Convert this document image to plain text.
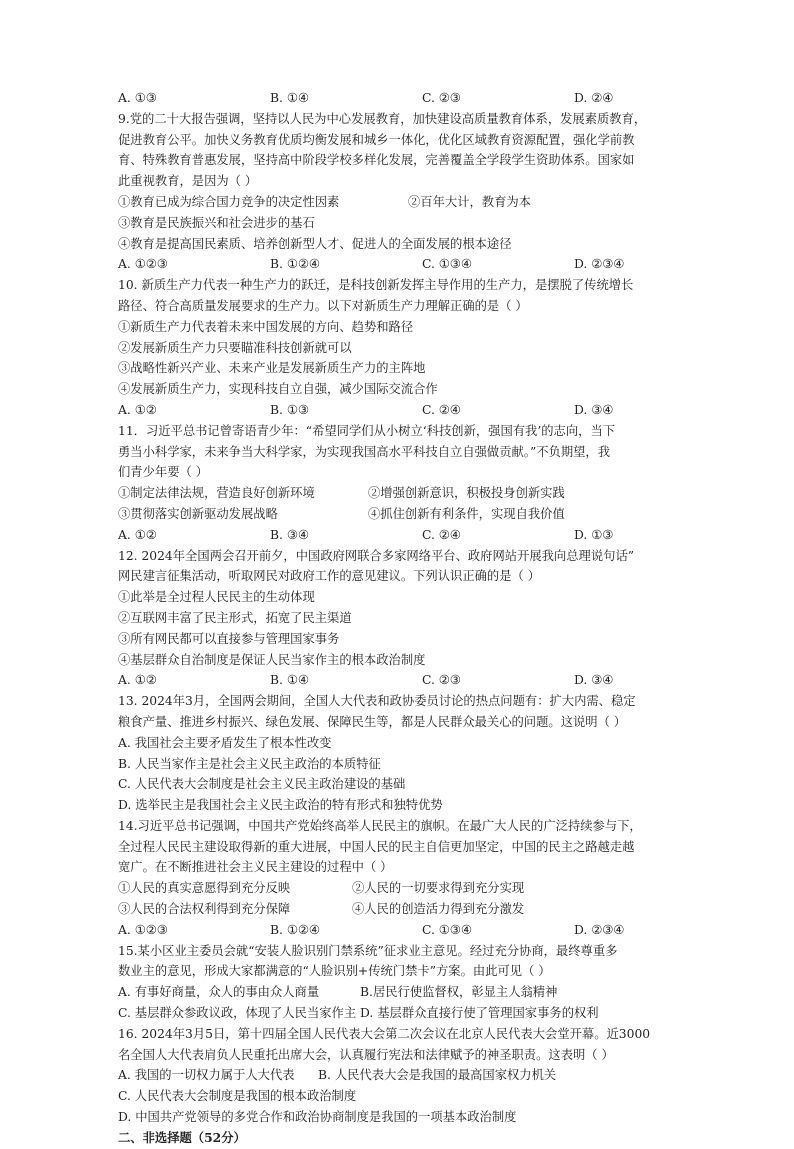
A. ①③	B. ①④	C. ②③	D. ②④
9.党的二十大报告强调，坚持以人民为中心发展教育，加快建设高质量教育体系，发展素质教育，
促进教育公平。加快义务教育优质均衡发展和城乡一体化，优化区域教育资源配置，强化学前教
育、特殊教育普惠发展，坚持高中阶段学校多样化发展，完善覆盖全学段学生资助体系。国家如
此重视教育，是因为（ ）
①教育已成为综合国力竞争的决定性因素	②百年大计，教育为本
③教育是民族振兴和社会进步的基石
④教育是提高国民素质、培养创新型人才、促进人的全面发展的根本途径
A. ①②③	B. ①②④	C. ①③④	D. ②③④
10. 新质生产力代表一种生产力的跃迁，是科技创新发挥主导作用的生产力，是摆脱了传统增长
路径、符合高质量发展要求的生产力。以下对新质生产力理解正确的是（ ）
①新质生产力代表着未来中国发展的方向、趋势和路径
②发展新质生产力只要瞄准科技创新就可以
③战略性新兴产业、未来产业是发展新质生产力的主阵地
④发展新质生产力，实现科技自立自强，减少国际交流合作
A. ①②	B. ①③	C. ②④	D. ③④
11．习近平总书记曾寄语青少年：“希望同学们从小树立‘科技创新，强国有我’的志向，当下
勇当小科学家，未来争当大科学家，为实现我国高水平科技自立自强做贡献。”不负期望，我
们青少年要（ ）
①制定法律法规，营造良好创新环境	②增强创新意识，积极投身创新实践
③贯彻落实创新驱动发展战略	④抓住创新有利条件，实现自我价值
A. ①②	B. ③④	C. ②④	D. ①③
12. 2024年全国两会召开前夕，中国政府网联合多家网络平台、政府网站开展我向总理说句话”
网民建言征集活动，听取网民对政府工作的意见建议。下列认识正确的是（ ）
①此举是全过程人民民主的生动体现
②互联网丰富了民主形式，拓宽了民主渠道
③所有网民都可以直接参与管理国家事务
④基层群众自治制度是保证人民当家作主的根本政治制度
A. ①②	B. ①④	C. ②③	D. ③④
13. 2024年3月，全国两会期间，全国人大代表和政协委员讨论的热点问题有：扩大内需、稳定
粮食产量、推进乡村振兴、绿色发展、保障民生等，都是人民群众最关心的问题。这说明（ ）
A. 我国社会主要矛盾发生了根本性改变
B. 人民当家作主是社会主义民主政治的本质特征
C. 人民代表大会制度是社会主义民主政治建设的基础
D. 选举民主是我国社会主义民主政治的特有形式和独特优势
14.习近平总书记强调，中国共产党始终高举人民民主的旗帜。在最广大人民的广泛持续参与下，
全过程人民民主建设取得新的重大进展，中国人民的民主自信更加坚定，中国的民主之路越走越
宽广。在不断推进社会主义民主建设的过程中（ ）
①人民的真实意愿得到充分反映	②人民的一切要求得到充分实现
③人民的合法权利得到充分保障	④人民的创造活力得到充分激发
A. ①②③	B. ①②④	C. ①③④	D. ②③④
15.某小区业主委员会就“安装人脸识别门禁系统”征求业主意见。经过充分协商，最终尊重多
数业主的意见，形成大家都满意的“人脸识别+传统门禁卡”方案。由此可见（ ）
A. 有事好商量，众人的事由众人商量	B.居民行使监督权，彰显主人翁精神
C. 基层群众参政议政，体现了人民当家作主 D. 基层群众直接行使了管理国家事务的权利
16. 2024年3月5日，第十四届全国人民代表大会第二次会议在北京人民代表大会堂开幕。近3000
名全国人大代表肩负人民重托出席大会，认真履行宪法和法律赋予的神圣职责。这表明（ ）
A. 我国的一切权力属于人大代表	B. 人民代表大会是我国的最高国家权力机关
C. 人民代表大会制度是我国的根本政治制度
D. 中国共产党领导的多党合作和政治协商制度是我国的一项基本政治制度
二、非选择题（52分）
